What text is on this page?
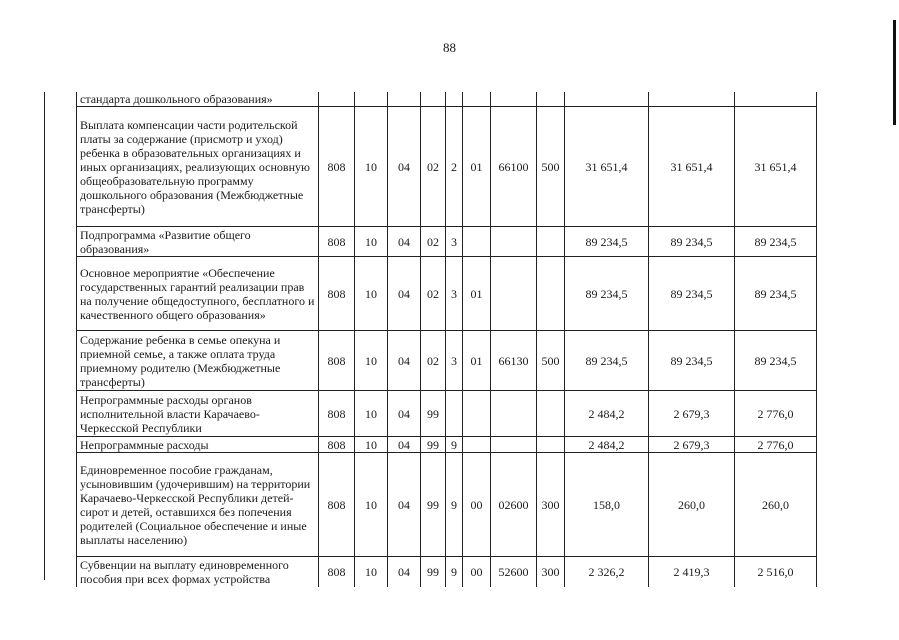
88
стандарта дошкольного образования»											
Выплата компенсации части родительской платы за содержание (присмотр и уход) ребенка в образовательных организациях и иных организациях, реализующих основную общеобразовательную программу дошкольного образования (Межбюджетные трансферты)	808	10	04	02	2	01	66100	500	31 651,4	31 651,4	31 651,4
Подпрограмма «Развитие общего образования»	808	10	04	02	3				89 234,5	89 234,5	89 234,5
Основное мероприятие «Обеспечение государственных гарантий реализации прав на получение общедоступного, бесплатного и качественного общего образования»	808	10	04	02	3	01			89 234,5	89 234,5	89 234,5
Содержание ребенка в семье опекуна и приемной семье, а также оплата труда приемному родителю (Межбюджетные трансферты)	808	10	04	02	3	01	66130	500	89 234,5	89 234,5	89 234,5
Непрограммные расходы органов исполнительной власти Карачаево-Черкесской Республики	808	10	04	99					2 484,2	2 679,3	2 776,0
Непрограммные расходы	808	10	04	99	9				2 484,2	2 679,3	2 776,0
Единовременное пособие гражданам, усыновившим (удочерившим) на территории Карачаево-Черкесской Республики детей-сирот и детей, оставшихся без попечения родителей (Социальное обеспечение и иные выплаты населению)	808	10	04	99	9	00	02600	300	158,0	260,0	260,0
Субвенции на выплату единовременного пособия при всех формах устройства	808	10	04	99	9	00	52600	300	2 326,2	2 419,3	2 516,0
